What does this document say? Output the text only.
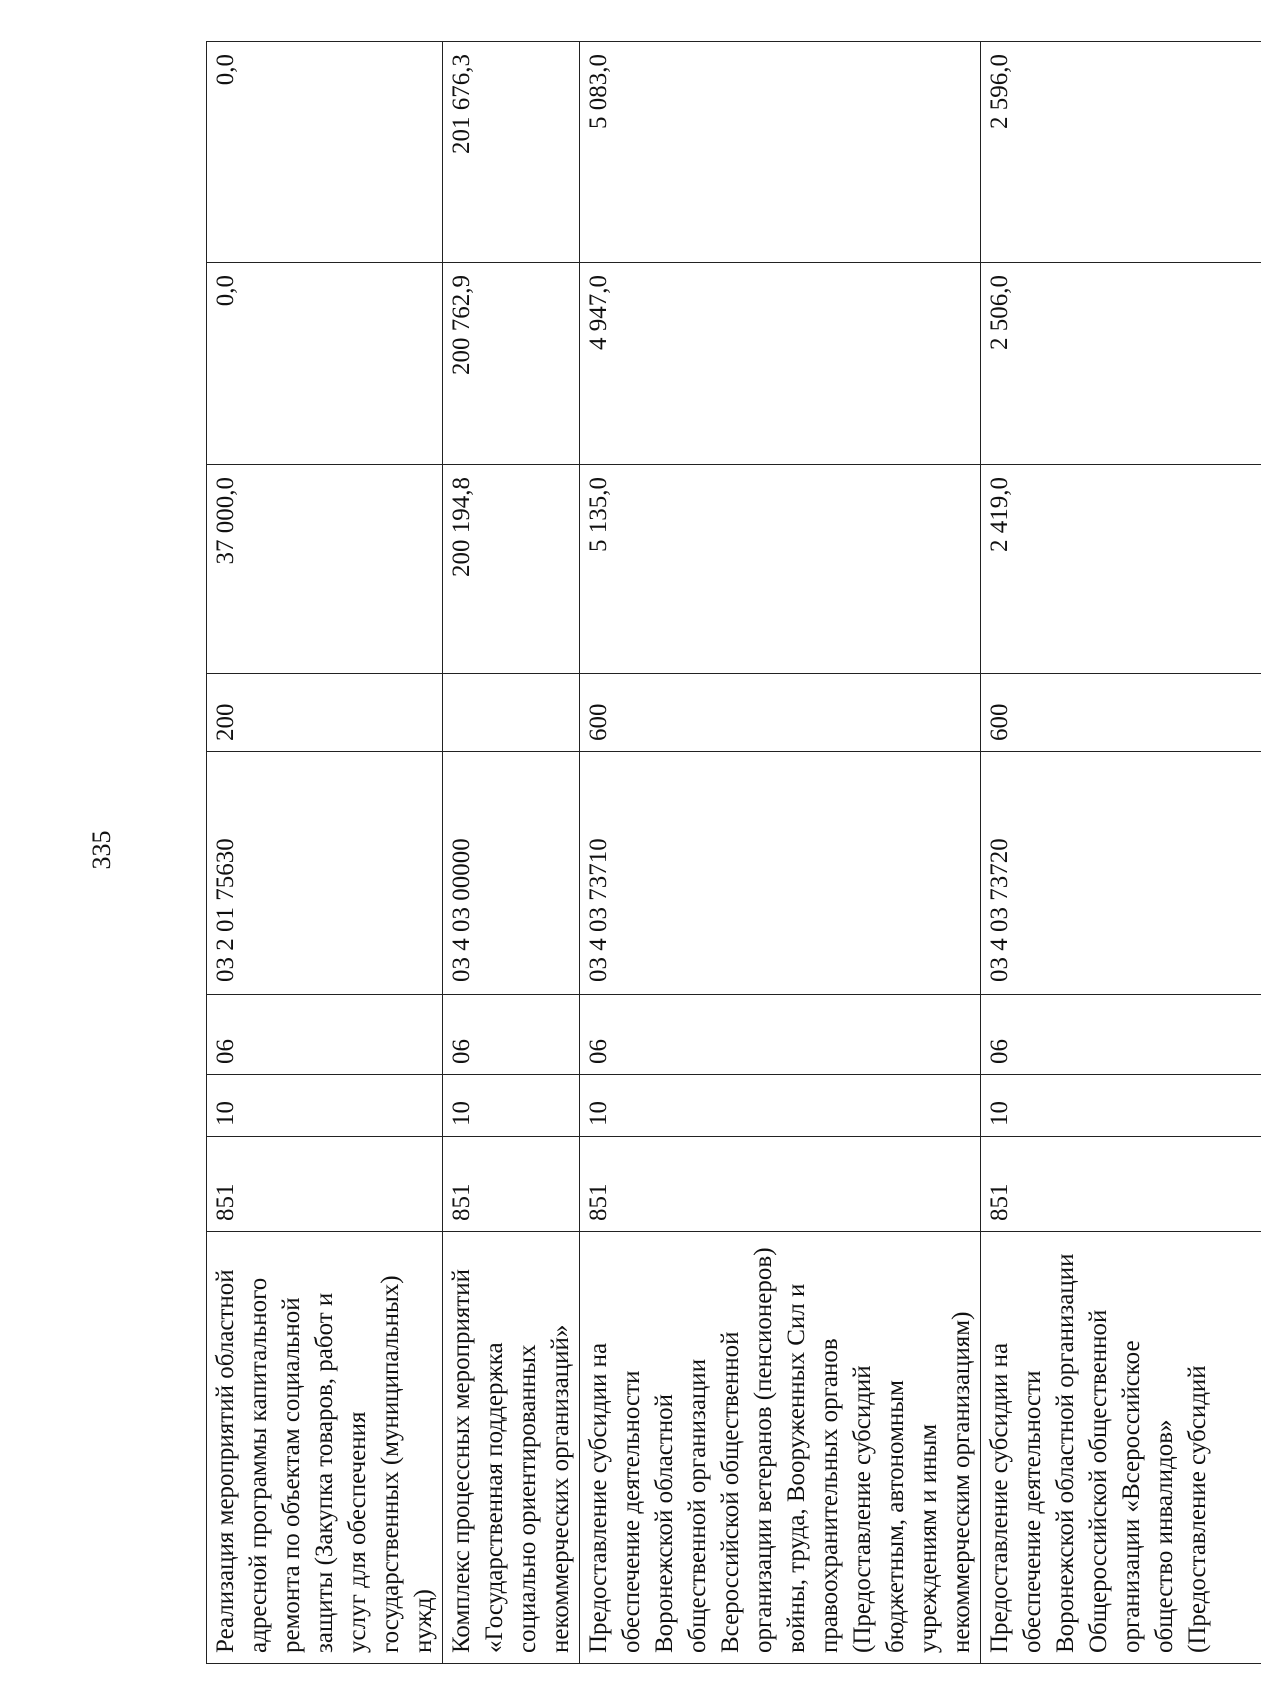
335
Реализация мероприятий областной адресной программы капитального ремонта по объектам социальной защиты (Закупка товаров, работ и услуг для обеспечения государственных (муниципальных) нужд)	851	10	06	03 2 01 75630	200	37 000,0	0,0	0,0
Комплекс процессных мероприятий «Государственная поддержка социально ориентированных некоммерческих организаций»	851	10	06	03 4 03 00000		200 194,8	200 762,9	201 676,3
Предоставление субсидии на обеспечение деятельности Воронежской областной общественной организации Всероссийской общественной организации ветеранов (пенсионеров) войны, труда, Вооруженных Сил и правоохранительных органов (Предоставление субсидий бюджетным, автономным учреждениям и иным некоммерческим организациям)	851	10	06	03 4 03 73710	600	5 135,0	4 947,0	5 083,0
Предоставление субсидии на обеспечение деятельности Воронежской областной организации Общероссийской общественной организации «Всероссийское общество инвалидов» (Предоставление субсидий	851	10	06	03 4 03 73720	600	2 419,0	2 506,0	2 596,0
